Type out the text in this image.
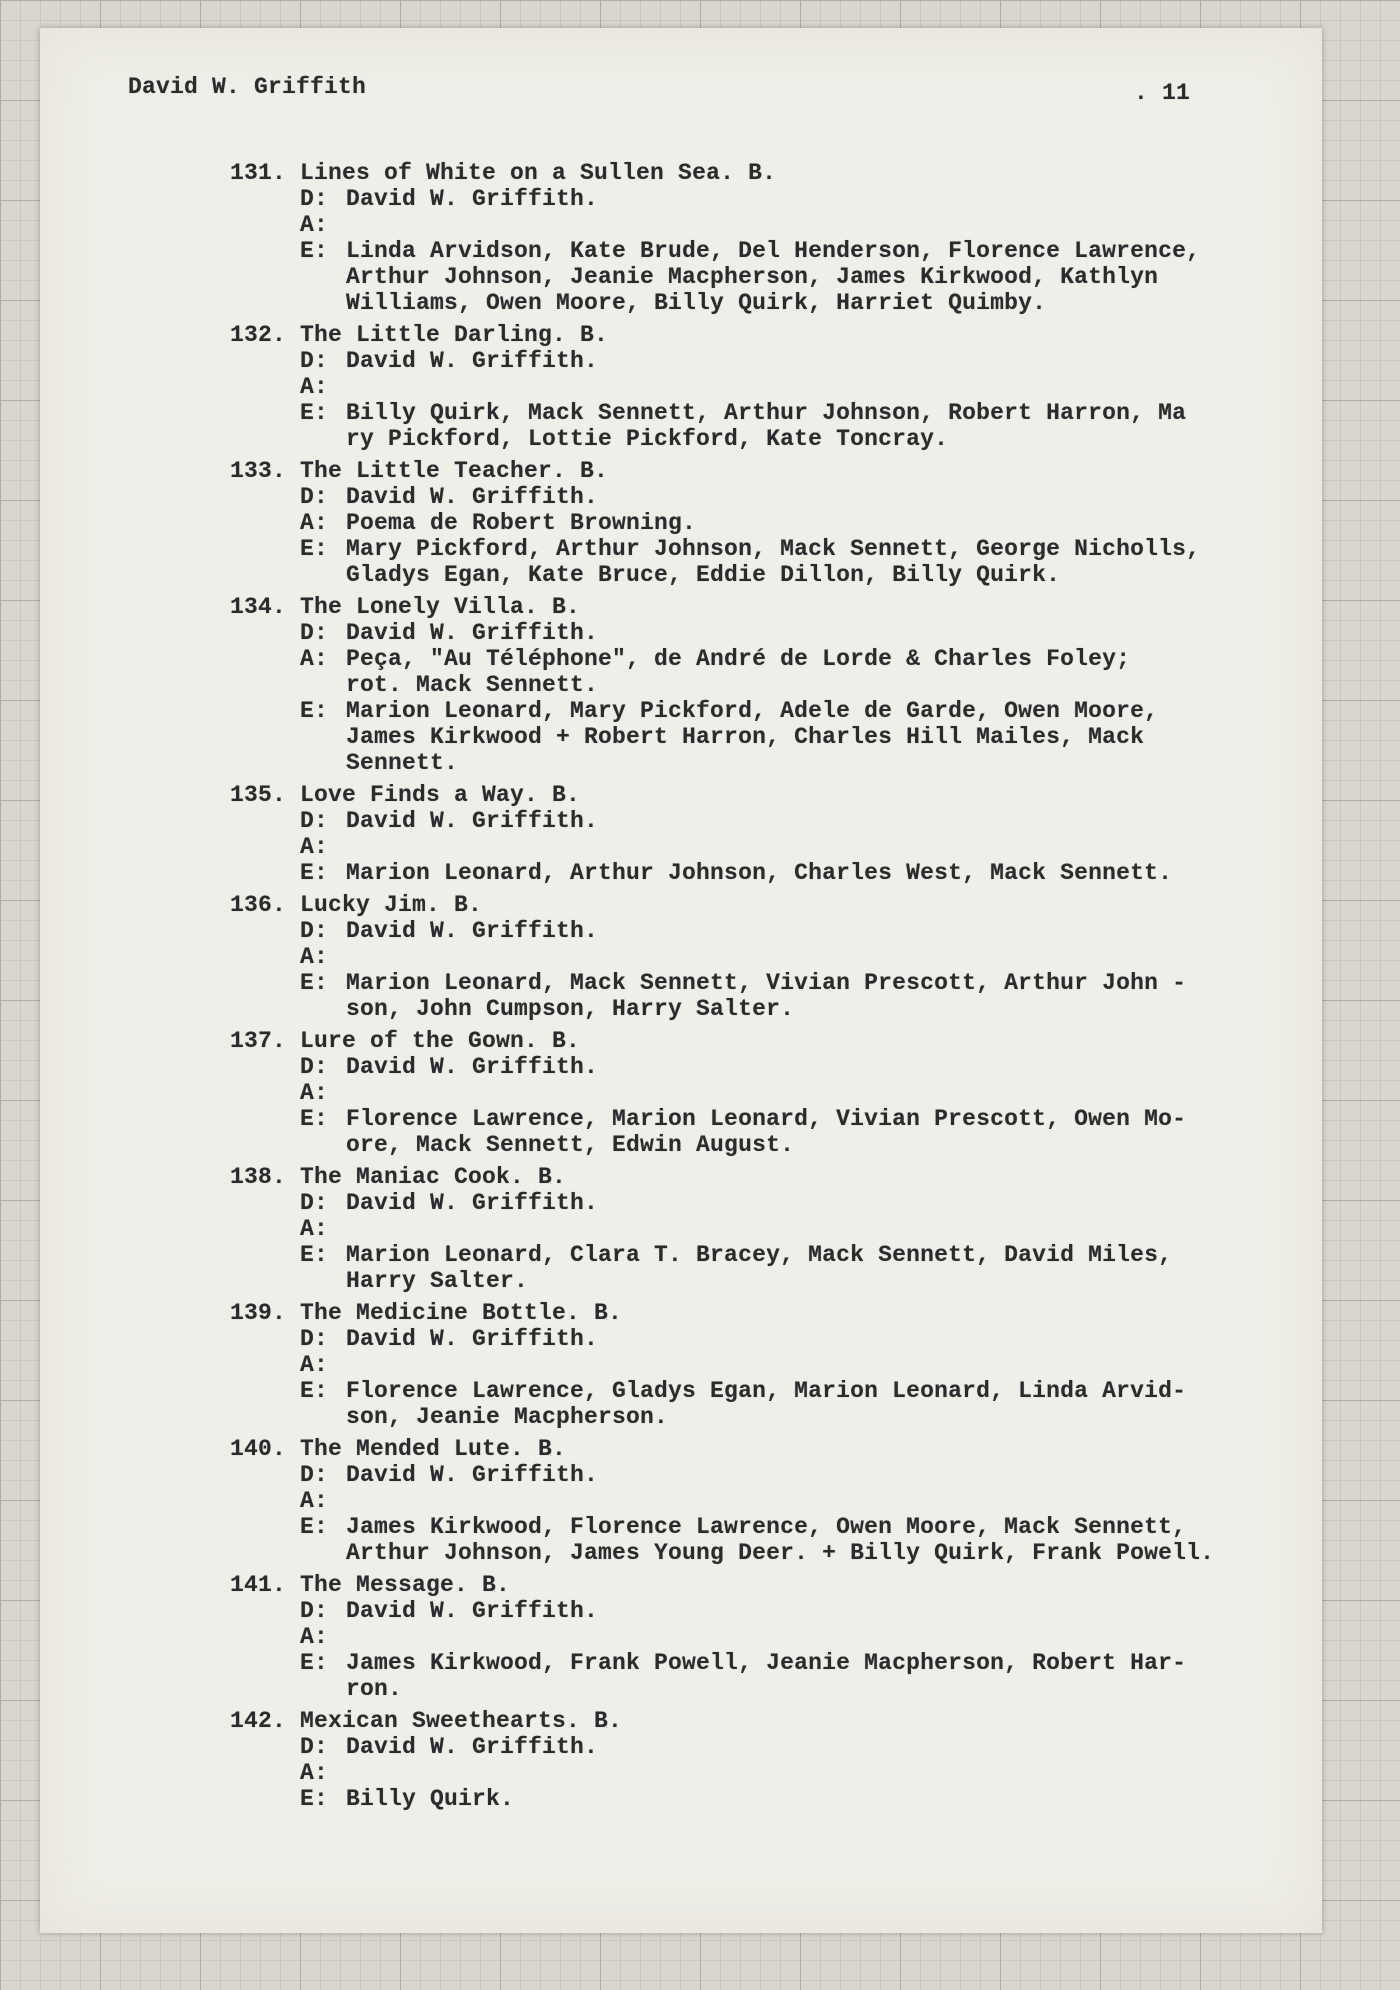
David W. Griffith	. 11
131. Lines of White on a Sullen Sea. B.
D: David W. Griffith.
A:
E: Linda Arvidson, Kate Brude, Del Henderson, Florence Lawrence,
Arthur Johnson, Jeanie Macpherson, James Kirkwood, Kathlyn
Williams, Owen Moore, Billy Quirk, Harriet Quimby.
132. The Little Darling. B.
D: David W. Griffith.
A:
E: Billy Quirk, Mack Sennett, Arthur Johnson, Robert Harron, Ma
ry Pickford, Lottie Pickford, Kate Toncray.
133. The Little Teacher. B.
D: David W. Griffith.
A: Poema de Robert Browning.
E: Mary Pickford, Arthur Johnson, Mack Sennett, George Nicholls,
Gladys Egan, Kate Bruce, Eddie Dillon, Billy Quirk.
134. The Lonely Villa. B.
D: David W. Griffith.
A: Peça, "Au Téléphone", de André de Lorde & Charles Foley;
rot. Mack Sennett.
E: Marion Leonard, Mary Pickford, Adele de Garde, Owen Moore,
James Kirkwood + Robert Harron, Charles Hill Mailes, Mack
Sennett.
135. Love Finds a Way. B.
D: David W. Griffith.
A:
E: Marion Leonard, Arthur Johnson, Charles West, Mack Sennett.
136. Lucky Jim. B.
D: David W. Griffith.
A:
E: Marion Leonard, Mack Sennett, Vivian Prescott, Arthur John -
son, John Cumpson, Harry Salter.
137. Lure of the Gown. B.
D: David W. Griffith.
A:
E: Florence Lawrence, Marion Leonard, Vivian Prescott, Owen Mo-
ore, Mack Sennett, Edwin August.
138. The Maniac Cook. B.
D: David W. Griffith.
A:
E: Marion Leonard, Clara T. Bracey, Mack Sennett, David Miles,
Harry Salter.
139. The Medicine Bottle. B.
D: David W. Griffith.
A:
E: Florence Lawrence, Gladys Egan, Marion Leonard, Linda Arvid-
son, Jeanie Macpherson.
140. The Mended Lute. B.
D: David W. Griffith.
A:
E: James Kirkwood, Florence Lawrence, Owen Moore, Mack Sennett,
Arthur Johnson, James Young Deer. + Billy Quirk, Frank Powell.
141. The Message. B.
D: David W. Griffith.
A:
E: James Kirkwood, Frank Powell, Jeanie Macpherson, Robert Har-
ron.
142. Mexican Sweethearts. B.
D: David W. Griffith.
A:
E: Billy Quirk.
